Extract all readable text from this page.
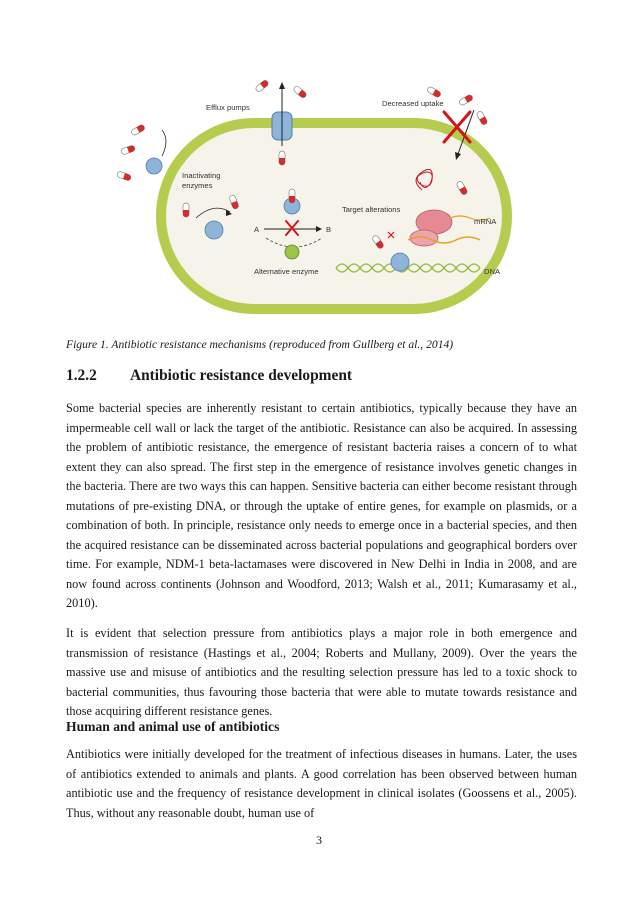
Efflux pumps	Decreased uptake
Inactivating
enzymes
A	B
Alternative enzyme
Target alterations
mRNA
DNA
Figure 1. Antibiotic resistance mechanisms (reproduced from Gullberg et al., 2014)
1.2.2 Antibiotic resistance development

Some bacterial species are inherently resistant to certain antibiotics, typically because they have an impermeable cell wall or lack the target of the antibiotic. Resistance can also be acquired. In assessing the problem of antibiotic resistance, the emergence of resistant bacteria raises a concern of to what extent they can also spread. The first step in the emergence of resistance involves genetic changes in the bacteria. There are two ways this can happen. Sensitive bacteria can either become resistant through mutations of pre-existing DNA, or through the uptake of entire genes, for example on plasmids, or a combination of both. In principle, resistance only needs to emerge once in a bacterial species, and then the acquired resistance can be disseminated across bacterial populations and geographical borders over time. For example, NDM-1 beta-lactamases were discovered in New Delhi in India in 2008, and are now found across continents (Johnson and Woodford, 2013; Walsh et al., 2011; Kumarasamy et al., 2010).

It is evident that selection pressure from antibiotics plays a major role in both emergence and transmission of resistance (Hastings et al., 2004; Roberts and Mullany, 2009). Over the years the massive use and misuse of antibiotics and the resulting selection pressure has led to a toxic shock to bacterial communities, thus favouring those bacteria that were able to mutate towards resistance and those acquiring different resistance genes.

Human and animal use of antibiotics

Antibiotics were initially developed for the treatment of infectious diseases in humans. Later, the uses of antibiotics extended to animals and plants. A good correlation has been observed between human antibiotic use and the frequency of resistance development in clinical isolates (Goossens et al., 2005). Thus, without any reasonable doubt, human use of

3
